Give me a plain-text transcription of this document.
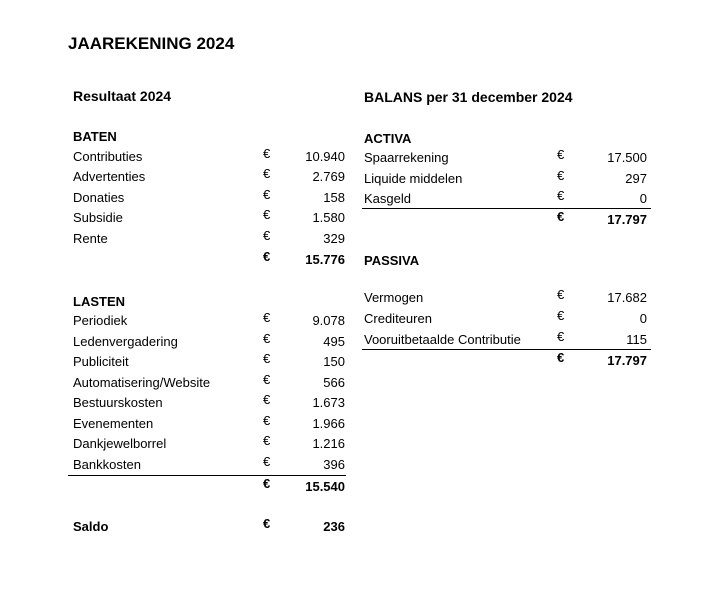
JAAREKENING 2024
Resultaat 2024
BATEN
Contributies	€	10.940
Advertenties	€	2.769
Donaties	€	158
Subsidie	€	1.580
Rente	€	329
€	15.776
LASTEN
Periodiek	€	9.078
Ledenvergadering	€	495
Publiciteit	€	150
Automatisering/Website	€	566
Bestuurskosten	€	1.673
Evenementen	€	1.966
Dankjewelborrel	€	1.216
Bankkosten	€	396
€	15.540
Saldo	€	236
BALANS per 31 december 2024
ACTIVA
Spaarrekening	€	17.500
Liquide middelen	€	297
Kasgeld	€	0
€	17.797
PASSIVA
Vermogen	€	17.682
Crediteuren	€	0
Vooruitbetaalde Contributie	€	115
€	17.797
